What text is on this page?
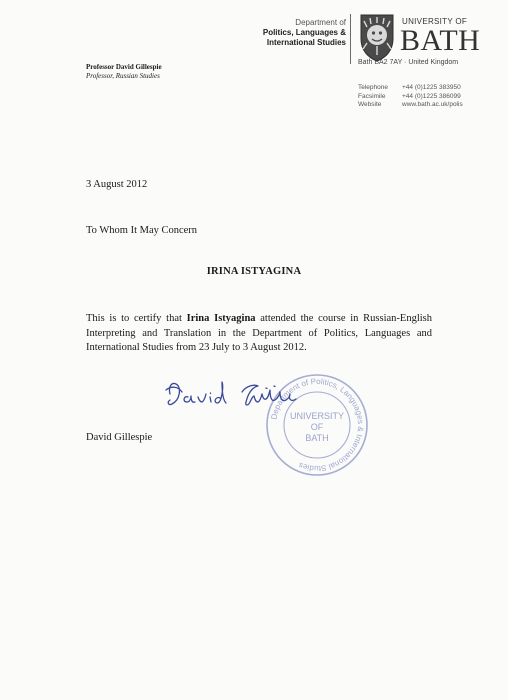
Department of
Politics, Languages &
International Studies
UNIVERSITY OF
BATH
Bath BA2 7AY · United Kingdom
Telephone +44 (0)1225 383950
Facsimile	+44 (0)1225 386099
Website	www.bath.ac.uk/polis
Professor David Gillespie
Professor, Russian Studies
3 August 2012
To Whom It May Concern
IRINA ISTYAGINA
This is to certify that Irina Istyagina attended the course in Russian-English Interpreting and Translation in the Department of Politics, Languages and International Studies from 23 July to 3 August 2012.
Department of Politics, Languages & International Studies
UNIVERSITY
OF
BATH
David Gillespie
